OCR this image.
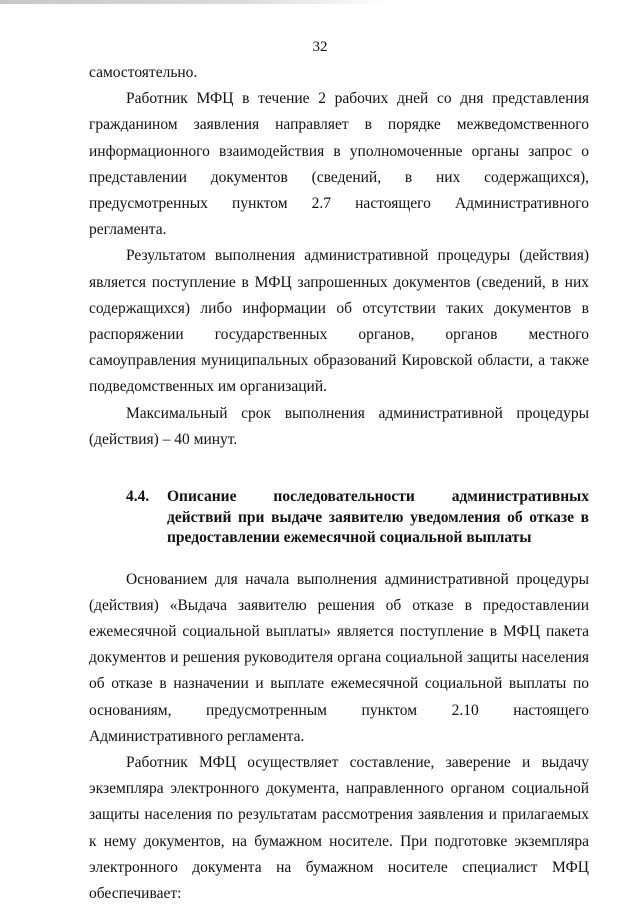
32

самостоятельно.

Работник МФЦ в течение 2 рабочих дней со дня представления гражданином заявления направляет в порядке межведомственного информационного взаимодействия в уполномоченные органы запрос о представлении документов (сведений, в них содержащихся), предусмотренных пунктом 2.7 настоящего Административного регламента.

Результатом выполнения административной процедуры (действия) является поступление в МФЦ запрошенных документов (сведений, в них содержащихся) либо информации об отсутствии таких документов в распоряжении государственных органов, органов местного самоуправления муниципальных образований Кировской области, а также подведомственных им организаций.

Максимальный срок выполнения административной процедуры (действия) – 40 минут.

4.4.	Описание последовательности административных действий при выдаче заявителю уведомления об отказе в предоставлении ежемесячной социальной выплаты

Основанием для начала выполнения административной процедуры (действия) «Выдача заявителю решения об отказе в предоставлении ежемесячной социальной выплаты» является поступление в МФЦ пакета документов и решения руководителя органа социальной защиты населения об отказе в назначении и выплате ежемесячной социальной выплаты по основаниям, предусмотренным пунктом 2.10 настоящего Административного регламента.

Работник МФЦ осуществляет составление, заверение и выдачу экземпляра электронного документа, направленного органом социальной защиты населения по результатам рассмотрения заявления и прилагаемых к нему документов, на бумажном носителе. При подготовке экземпляра электронного документа на бумажном носителе специалист МФЦ обеспечивает:
